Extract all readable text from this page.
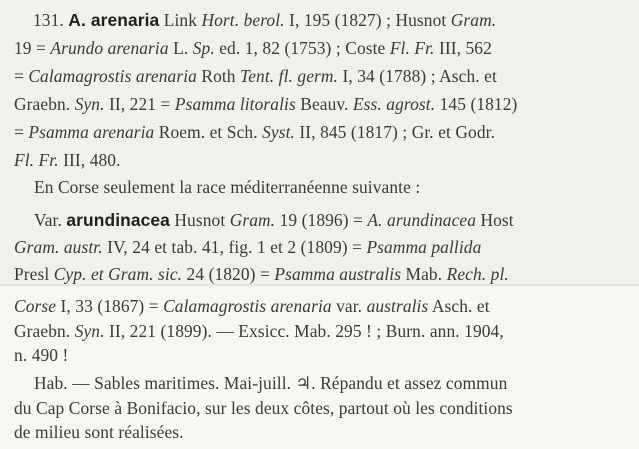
131. A. arenaria Link Hort. berol. I, 195 (1827) ; Husnot Gram.
19 = Arundo arenaria L. Sp. ed. 1, 82 (1753) ; Coste Fl. Fr. III, 562
= Calamagrostis arenaria Roth Tent. fl. germ. I, 34 (1788) ; Asch. et
Graebn. Syn. II, 221 = Psamma litoralis Beauv. Ess. agrost. 145 (1812)
= Psamma arenaria Roem. et Sch. Syst. II, 845 (1817) ; Gr. et Godr.
Fl. Fr. III, 480.
En Corse seulement la race méditerranéenne suivante :
Var. arundinacea Husnot Gram. 19 (1896) = A. arundinacea Host
Gram. austr. IV, 24 et tab. 41, fig. 1 et 2 (1809) = Psamma pallida
Presl Cyp. et Gram. sic. 24 (1820) = Psamma australis Mab. Rech. pl.
Corse I, 33 (1867) = Calamagrostis arenaria var. australis Asch. et
Graebn. Syn. II, 221 (1899). — Exsicc. Mab. 295 ! ; Burn. ann. 1904,
n. 490 !
Hab. — Sables maritimes. Mai-juill. ♃. Répandu et assez commun
du Cap Corse à Bonifacio, sur les deux côtes, partout où les conditions
de milieu sont réalisées.
